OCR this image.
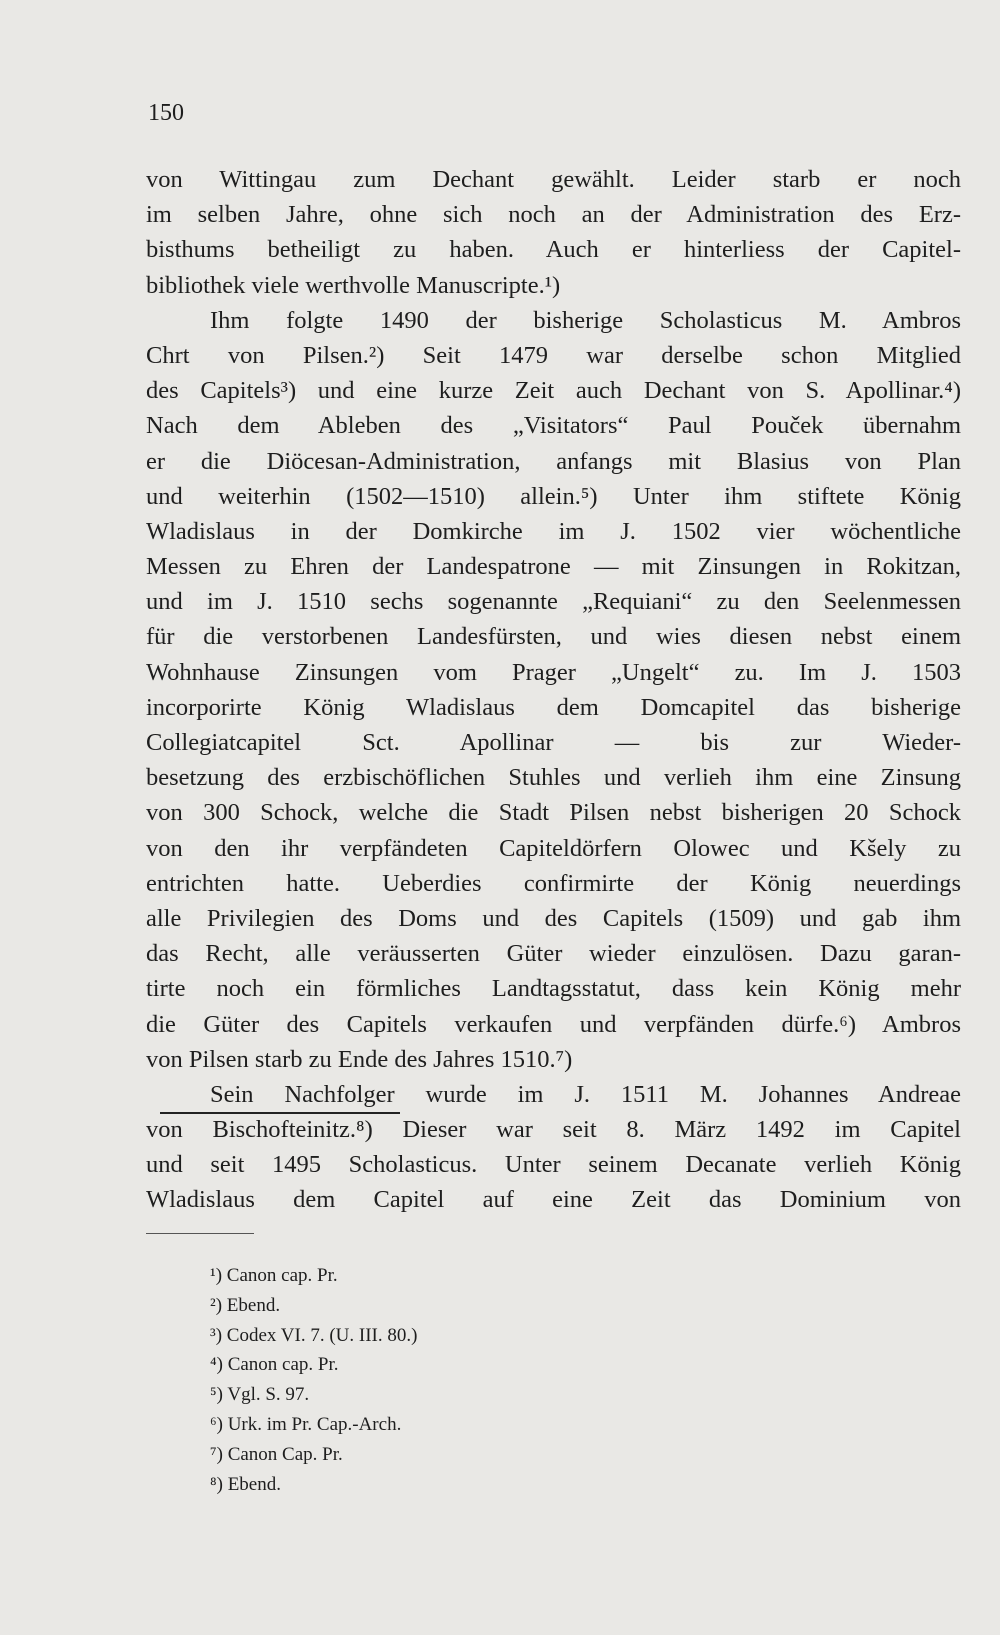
150
von Wittingau zum Dechant gewählt. Leider starb er noch
im selben Jahre, ohne sich noch an der Administration des Erz-
bisthums betheiligt zu haben. Auch er hinterliess der Capitel-
bibliothek viele werthvolle Manuscripte.¹)
Ihm folgte 1490 der bisherige Scholasticus M. Ambros
Chrt von Pilsen.²) Seit 1479 war derselbe schon Mitglied
des Capitels³) und eine kurze Zeit auch Dechant von S. Apollinar.⁴)
Nach dem Ableben des „Visitators“ Paul Pouček übernahm
er die Diöcesan-Administration, anfangs mit Blasius von Plan
und weiterhin (1502—1510) allein.⁵) Unter ihm stiftete König
Wladislaus in der Domkirche im J. 1502 vier wöchentliche
Messen zu Ehren der Landespatrone — mit Zinsungen in Rokitzan,
und im J. 1510 sechs sogenannte „Requiani“ zu den Seelenmessen
für die verstorbenen Landesfürsten, und wies diesen nebst einem
Wohnhause Zinsungen vom Prager „Ungelt“ zu. Im J. 1503
incorporirte König Wladislaus dem Domcapitel das bisherige
Collegiatcapitel Sct. Apollinar — bis zur Wieder-
besetzung des erzbischöflichen Stuhles und verlieh ihm eine Zinsung
von 300 Schock, welche die Stadt Pilsen nebst bisherigen 20 Schock
von den ihr verpfändeten Capiteldörfern Olowec und Kšely zu
entrichten hatte. Ueberdies confirmirte der König neuerdings
alle Privilegien des Doms und des Capitels (1509) und gab ihm
das Recht, alle veräusserten Güter wieder einzulösen. Dazu garan-
tirte noch ein förmliches Landtagsstatut, dass kein König mehr
die Güter des Capitels verkaufen und verpfänden dürfe.⁶) Ambros
von Pilsen starb zu Ende des Jahres 1510.⁷)
Sein Nachfolger wurde im J. 1511 M. Johannes Andreae
von Bischofteinitz.⁸) Dieser war seit 8. März 1492 im Capitel
und seit 1495 Scholasticus. Unter seinem Decanate verlieh König
Wladislaus dem Capitel auf eine Zeit das Dominium von
¹) Canon cap. Pr.
²) Ebend.
³) Codex VI. 7. (U. III. 80.)
⁴) Canon cap. Pr.
⁵) Vgl. S. 97.
⁶) Urk. im Pr. Cap.-Arch.
⁷) Canon Cap. Pr.
⁸) Ebend.
